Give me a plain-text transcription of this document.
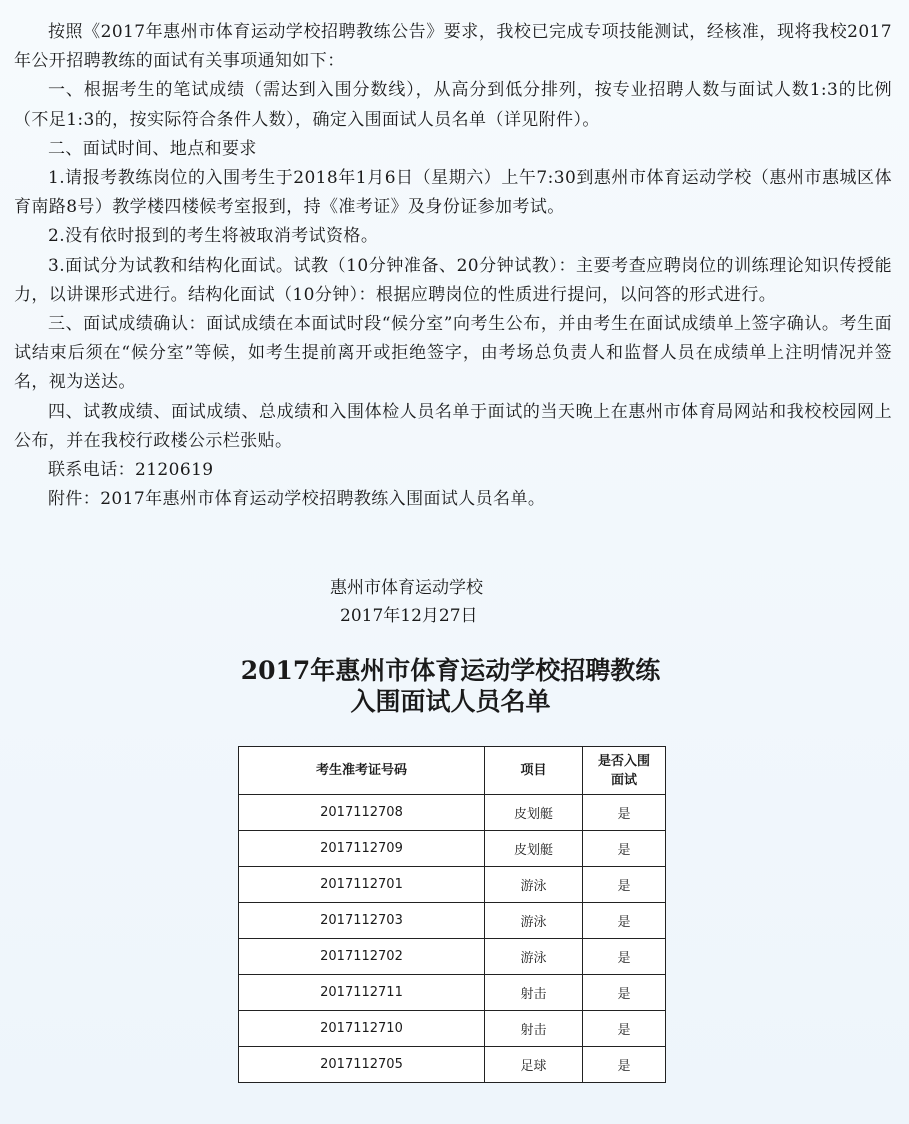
按照《2017年惠州市体育运动学校招聘教练公告》要求，我校已完成专项技能测试，经核准，现将我校2017年公开招聘教练的面试有关事项通知如下：

一、根据考生的笔试成绩（需达到入围分数线），从高分到低分排列，按专业招聘人数与面试人数1:3的比例（不足1:3的，按实际符合条件人数），确定入围面试人员名单（详见附件）。

二、面试时间、地点和要求

1.请报考教练岗位的入围考生于2018年1月6日（星期六）上午7:30到惠州市体育运动学校（惠州市惠城区体育南路8号）教学楼四楼候考室报到，持《准考证》及身份证参加考试。

2.没有依时报到的考生将被取消考试资格。

3.面试分为试教和结构化面试。试教（10分钟准备、20分钟试教）：主要考查应聘岗位的训练理论知识传授能力，以讲课形式进行。结构化面试（10分钟）：根据应聘岗位的性质进行提问，以问答的形式进行。

三、面试成绩确认：面试成绩在本面试时段“候分室”向考生公布，并由考生在面试成绩单上签字确认。考生面试结束后须在“候分室”等候，如考生提前离开或拒绝签字，由考场总负责人和监督人员在成绩单上注明情况并签名，视为送达。

四、试教成绩、面试成绩、总成绩和入围体检人员名单于面试的当天晚上在惠州市体育局网站和我校校园网上公布，并在我校行政楼公示栏张贴。

联系电话：2120619

附件：2017年惠州市体育运动学校招聘教练入围面试人员名单。

惠州市体育运动学校
2017年12月27日
2017年惠州市体育运动学校招聘教练
入围面试人员名单
考生准考证号码	项目	是否入围
面试
2017112708	皮划艇	是
2017112709	皮划艇	是
2017112701	游泳	是
2017112703	游泳	是
2017112702	游泳	是
2017112711	射击	是
2017112710	射击	是
2017112705	足球	是
